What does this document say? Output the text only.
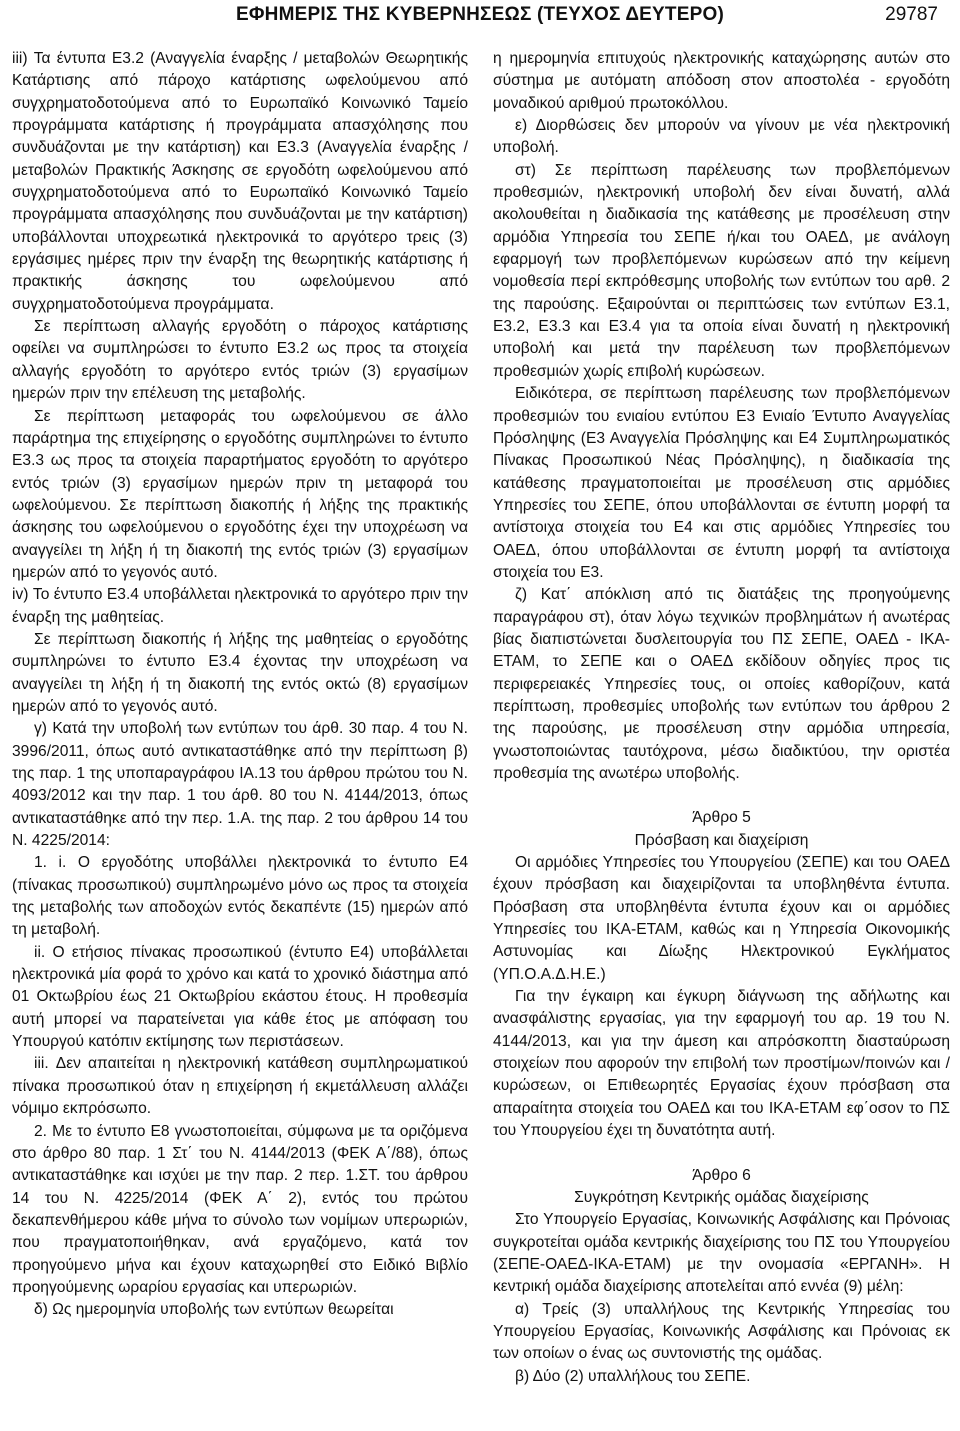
ΕΦΗΜΕΡΙΣ ΤΗΣ ΚΥΒΕΡΝΗΣΕΩΣ (ΤΕΥΧΟΣ ΔΕΥΤΕΡΟ)	29787

iii) Τα έντυπα Ε3.2 (Αναγγελία έναρξης / μεταβολών Θεωρητικής Κατάρτισης από πάροχο κατάρτισης ωφελούμενου από συγχρηματοδοτούμενα από το Ευρωπαϊκό Κοινωνικό Ταμείο προγράμματα κατάρτισης ή προγράμματα απασχόλησης που συνδυάζονται με την κατάρτιση) και Ε3.3 (Αναγγελία έναρξης / μεταβολών Πρακτικής Άσκησης σε εργοδότη ωφελούμενου από συγχρηματοδοτούμενα από το Ευρωπαϊκό Κοινωνικό Ταμείο προγράμματα απασχόλησης που συνδυάζονται με την κατάρτιση) υποβάλλονται υποχρεωτικά ηλεκτρονικά το αργότερο τρεις (3) εργάσιμες ημέρες πριν την έναρξη της θεωρητικής κατάρτισης ή πρακτικής άσκησης του ωφελούμενου από συγχρηματοδοτούμενα προγράμματα.

Σε περίπτωση αλλαγής εργοδότη ο πάροχος κατάρτισης οφείλει να συμπληρώσει το έντυπο Ε3.2 ως προς τα στοιχεία αλλαγής εργοδότη το αργότερο εντός τριών (3) εργασίμων ημερών πριν την επέλευση της μεταβολής.

Σε περίπτωση μεταφοράς του ωφελούμενου σε άλλο παράρτημα της επιχείρησης ο εργοδότης συμπληρώνει το έντυπο Ε3.3 ως προς τα στοιχεία παραρτήματος εργοδότη το αργότερο εντός τριών (3) εργασίμων ημερών πριν τη μεταφορά του ωφελούμενου. Σε περίπτωση διακοπής ή λήξης της πρακτικής άσκησης του ωφελούμενου ο εργοδότης έχει την υποχρέωση να αναγγείλει τη λήξη ή τη διακοπή της εντός τριών (3) εργασίμων ημερών από το γεγονός αυτό.

iv) Το έντυπο Ε3.4 υποβάλλεται ηλεκτρονικά το αργότερο πριν την έναρξη της μαθητείας.

Σε περίπτωση διακοπής ή λήξης της μαθητείας ο εργοδότης συμπληρώνει το έντυπο Ε3.4 έχοντας την υποχρέωση να αναγγείλει τη λήξη ή τη διακοπή της εντός οκτώ (8) εργασίμων ημερών από το γεγονός αυτό.

γ) Κατά την υποβολή των εντύπων του άρθ. 30 παρ. 4 του Ν. 3996/2011, όπως αυτό αντικαταστάθηκε από την περίπτωση β) της παρ. 1 της υποπαραγράφου ΙΑ.13 του άρθρου πρώτου του Ν. 4093/2012 και την παρ. 1 του άρθ. 80 του Ν. 4144/2013, όπως αντικαταστάθηκε από την περ. 1.Α. της παρ. 2 του άρθρου 14 του Ν. 4225/2014:

1. i. Ο εργοδότης υποβάλλει ηλεκτρονικά το έντυπο Ε4 (πίνακας προσωπικού) συμπληρωμένο μόνο ως προς τα στοιχεία της μεταβολής των αποδοχών εντός δεκαπέντε (15) ημερών από τη μεταβολή.

ii. Ο ετήσιος πίνακας προσωπικού (έντυπο Ε4) υποβάλλεται ηλεκτρονικά μία φορά το χρόνο και κατά το χρονικό διάστημα από 01 Οκτωβρίου έως 21 Οκτωβρίου εκάστου έτους. Η προθεσμία αυτή μπορεί να παρατείνεται για κάθε έτος με απόφαση του Υπουργού κατόπιν εκτίμησης των περιστάσεων.

iii. Δεν απαιτείται η ηλεκτρονική κατάθεση συμπληρωματικού πίνακα προσωπικού όταν η επιχείρηση ή εκμετάλλευση αλλάζει νόμιμο εκπρόσωπο.

2. Με το έντυπο Ε8 γνωστοποιείται, σύμφωνα με τα οριζόμενα στο άρθρο 80 παρ. 1 Στ΄ του Ν. 4144/2013 (ΦΕΚ Α΄/88), όπως αντικαταστάθηκε και ισχύει με την παρ. 2 περ. 1.ΣΤ. του άρθρου 14 του Ν. 4225/2014 (ΦΕΚ Α΄ 2), εντός του πρώτου δεκαπενθήμερου κάθε μήνα το σύνολο των νομίμων υπερωριών, που πραγματοποιήθηκαν, ανά εργαζόμενο, κατά τον προηγούμενο μήνα και έχουν καταχωρηθεί στο Ειδικό Βιβλίο προηγούμενης ωραρίου εργασίας και υπερωριών.

δ) Ως ημερομηνία υποβολής των εντύπων θεωρείται

η ημερομηνία επιτυχούς ηλεκτρονικής καταχώρησης αυτών στο σύστημα με αυτόματη απόδοση στον αποστολέα - εργοδότη μοναδικού αριθμού πρωτοκόλλου.

ε) Διορθώσεις δεν μπορούν να γίνουν με νέα ηλεκτρονική υποβολή.

στ) Σε περίπτωση παρέλευσης των προβλεπόμενων προθεσμιών, ηλεκτρονική υποβολή δεν είναι δυνατή, αλλά ακολουθείται η διαδικασία της κατάθεσης με προσέλευση στην αρμόδια Υπηρεσία του ΣΕΠΕ ή/και του ΟΑΕΔ, με ανάλογη εφαρμογή των προβλεπόμενων κυρώσεων από την κείμενη νομοθεσία περί εκπρόθεσμης υποβολής των εντύπων του αρθ. 2 της παρούσης. Εξαιρούνται οι περιπτώσεις των εντύπων Ε3.1, Ε3.2, Ε3.3 και Ε3.4 για τα οποία είναι δυνατή η ηλεκτρονική υποβολή και μετά την παρέλευση των προβλεπόμενων προθεσμιών χωρίς επιβολή κυρώσεων.

Ειδικότερα, σε περίπτωση παρέλευσης των προβλεπόμενων προθεσμιών του ενιαίου εντύπου Ε3 Ενιαίο Έντυπο Αναγγελίας Πρόσληψης (Ε3 Αναγγελία Πρόσληψης και Ε4 Συμπληρωματικός Πίνακας Προσωπικού Νέας Πρόσληψης), η διαδικασία της κατάθεσης πραγματοποιείται με προσέλευση στις αρμόδιες Υπηρεσίες του ΣΕΠΕ, όπου υποβάλλονται σε έντυπη μορφή τα αντίστοιχα στοιχεία του Ε4 και στις αρμόδιες Υπηρεσίες του ΟΑΕΔ, όπου υποβάλλονται σε έντυπη μορφή τα αντίστοιχα στοιχεία του Ε3.

ζ) Κατ΄ απόκλιση από τις διατάξεις της προηγούμενης παραγράφου στ), όταν λόγω τεχνικών προβλημάτων ή ανωτέρας βίας διαπιστώνεται δυσλειτουργία του ΠΣ ΣΕΠΕ, ΟΑΕΔ - ΙΚΑ-ΕΤΑΜ, το ΣΕΠΕ και ο ΟΑΕΔ εκδίδουν οδηγίες προς τις περιφερειακές Υπηρεσίες τους, οι οποίες καθορίζουν, κατά περίπτωση, προθεσμίες υποβολής των εντύπων του άρθρου 2 της παρούσης, με προσέλευση στην αρμόδια υπηρεσία, γνωστοποιώντας ταυτόχρονα, μέσω διαδικτύου, την οριστέα προθεσμία της ανωτέρω υποβολής.

Άρθρο 5

Πρόσβαση και διαχείριση

Οι αρμόδιες Υπηρεσίες του Υπουργείου (ΣΕΠΕ) και του ΟΑΕΔ έχουν πρόσβαση και διαχειρίζονται τα υποβληθέντα έντυπα. Πρόσβαση στα υποβληθέντα έντυπα έχουν και οι αρμόδιες Υπηρεσίες του ΙΚΑ-ΕΤΑΜ, καθώς και η Υπηρεσία Οικονομικής Αστυνομίας και Δίωξης Ηλεκτρονικού Εγκλήματος (ΥΠ.Ο.Α.Δ.Η.Ε.)

Για την έγκαιρη και έγκυρη διάγνωση της αδήλωτης και ανασφάλιστης εργασίας, για την εφαρμογή του αρ. 19 του Ν. 4144/2013, και για την άμεση και απρόσκοπτη διασταύρωση στοιχείων που αφορούν την επιβολή των προστίμων/ποινών και /κυρώσεων, οι Επιθεωρητές Εργασίας έχουν πρόσβαση στα απαραίτητα στοιχεία του ΟΑΕΔ και του ΙΚΑ-ΕΤΑΜ εφ΄οσον το ΠΣ του Υπουργείου έχει τη δυνατότητα αυτή.

Άρθρο 6

Συγκρότηση Κεντρικής ομάδας διαχείρισης

Στο Υπουργείο Εργασίας, Κοινωνικής Ασφάλισης και Πρόνοιας συγκροτείται ομάδα κεντρικής διαχείρισης του ΠΣ του Υπουργείου (ΣΕΠΕ-ΟΑΕΔ-ΙΚΑ-ΕΤΑΜ) με την ονομασία «ΕΡΓΑΝΗ». Η κεντρική ομάδα διαχείρισης αποτελείται από εννέα (9) μέλη:

α) Τρείς (3) υπαλλήλους της Κεντρικής Υπηρεσίας του Υπουργείου Εργασίας, Κοινωνικής Ασφάλισης και Πρόνοιας εκ των οποίων ο ένας ως συντονιστής της ομάδας.

β) Δύο (2) υπαλλήλους του ΣΕΠΕ.
